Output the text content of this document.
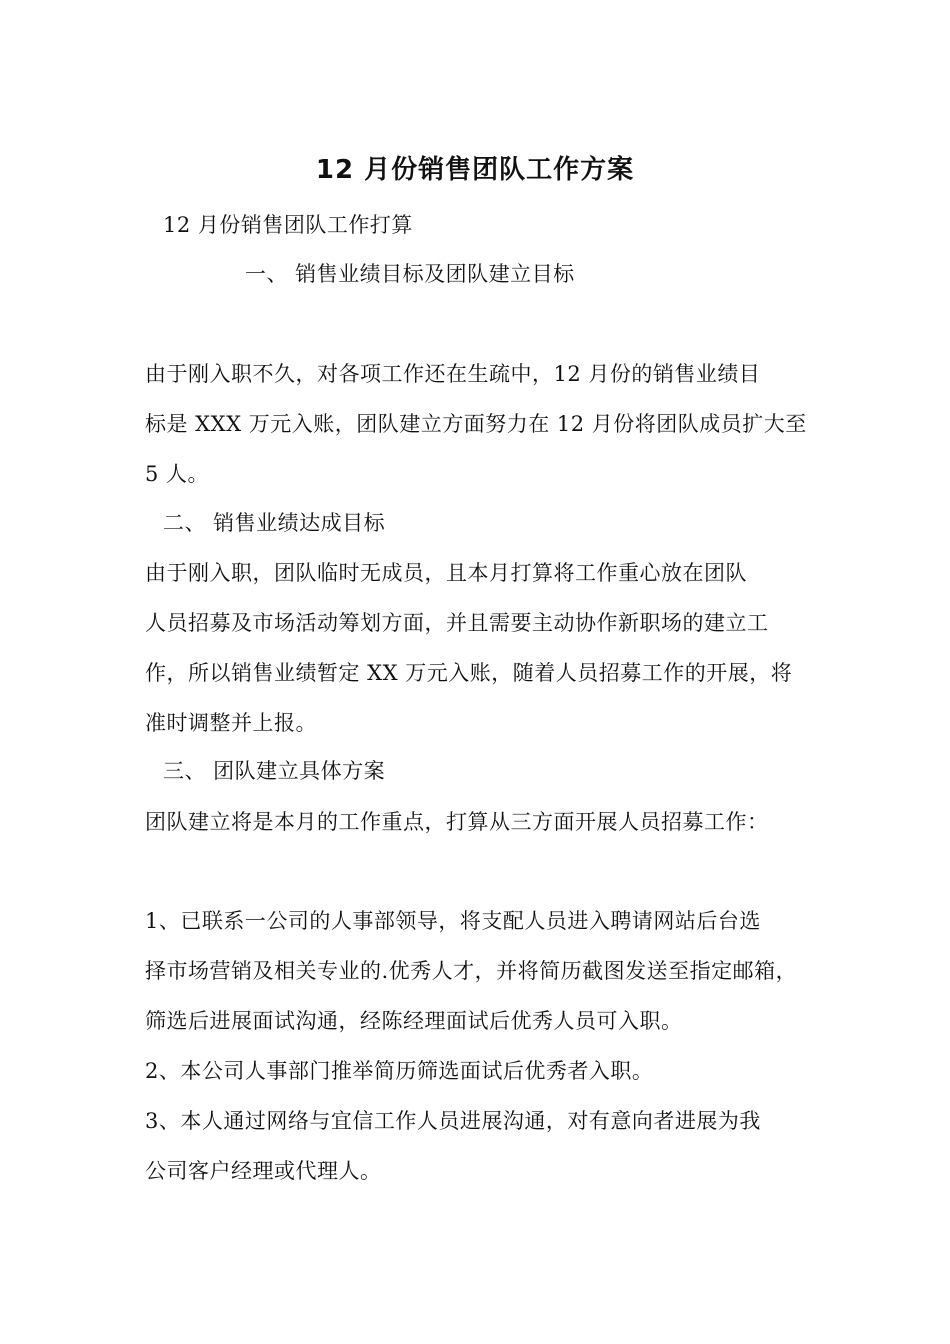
12 月份销售团队工作方案
12 月份销售团队工作打算
一、 销售业绩目标及团队建立目标
由于刚入职不久，对各项工作还在生疏中，12 月份的销售业绩目
标是 XXX 万元入账，团队建立方面努力在 12 月份将团队成员扩大至
5 人。
二、 销售业绩达成目标
由于刚入职，团队临时无成员，且本月打算将工作重心放在团队
人员招募及市场活动筹划方面，并且需要主动协作新职场的建立工
作，所以销售业绩暂定 XX 万元入账，随着人员招募工作的开展，将
准时调整并上报。
三、 团队建立具体方案
团队建立将是本月的工作重点，打算从三方面开展人员招募工作：
1、已联系一公司的人事部领导，将支配人员进入聘请网站后台选
择市场营销及相关专业的.优秀人才，并将简历截图发送至指定邮箱，
筛选后进展面试沟通，经陈经理面试后优秀人员可入职。
2、本公司人事部门推举简历筛选面试后优秀者入职。
3、本人通过网络与宜信工作人员进展沟通，对有意向者进展为我
公司客户经理或代理人。
